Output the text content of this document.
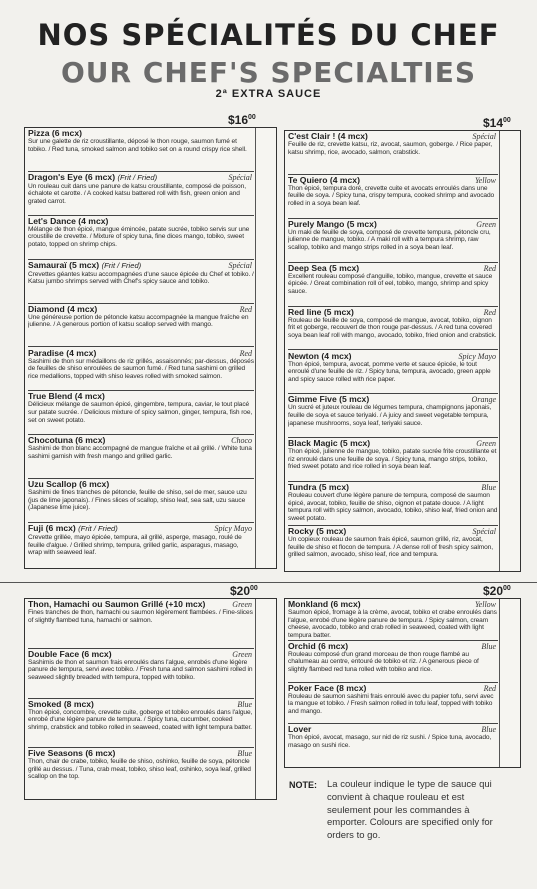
NOS SPÉCIALITÉS DU CHEF
OUR CHEF'S SPECIALTIES
2ª EXTRA SAUCE
$\$16^{00}$	$\$14^{00}$
Pizza (6 mcx)
Sur une galette de riz croustillante, déposé le thon rouge, saumon fumé et tobiko. / Red tuna, smoked salmon and tobiko set on a round crispy rice shell.
Dragon's Eye (6 mcx) (Frit / Fried)	Spécial
Un rouleau cuit dans une panure de katsu croustillante, composé de poisson, échalote et carotte. / A cooked katsu battered roll with fish, green onion and grated carrot.
Let's Dance (4 mcx)
Mélange de thon épicé, mangue émincée, patate sucrée, tobiko servis sur une croustille de crevette. / Mixture of spicy tuna, fine dices mango, tobiko, sweet potato, topped on shrimp chips.
Samauraï (5 mcx) (Frit / Fried)	Spécial
Crevettes géantes katsu accompagnées d'une sauce épicée du Chef et tobiko. / Katsu jumbo shrimps served with Chef's spicy sauce and tobiko.
Diamond (4 mcx)	Red
Une généreuse portion de pétoncle katsu accompagnée la mangue fraîche en julienne. / A generous portion of katsu scallop served with mango.
Paradise (4 mcx)	Red
Sashimi de thon sur médaillons de riz grillés, assaisonnés; par-dessus, déposés de feuilles de shiso enroulées de saumon fumé. / Red tuna sashimi on grilled rice medallions, topped with shiso leaves rolled with smoked salmon.
True Blend (4 mcx)
Délicieux mélange de saumon épicé, gingembre, tempura, caviar, le tout placé sur patate sucrée. / Delicious mixture of spicy salmon, ginger, tempura, fish roe, set on sweet potato.
Chocotuna (6 mcx)	Choco
Sashimi de thon blanc accompagné de mangue fraîche et ail grillé. / White tuna sashimi garnish with fresh mango and grilled garlic.
Uzu Scallop (6 mcx)
Sashimi de fines tranches de pétoncle, feuille de shiso, sel de mer, sauce uzu (jus de lime japonais). / Fines slices of scallop, shiso leaf, sea salt, uzu sauce (Japanese lime juice).
Fuji (6 mcx) (Frit / Fried)	Spicy Mayo
Crevette grillée, mayo épicée, tempura, ail grillé, asperge, masago, roulé de feuille d'algue. / Grilled shrimp, tempura, grilled garlic, asparagus, masago, wrap with seaweed leaf.
C'est Clair ! (4 mcx)	Spécial
Feuille de riz, crevette katsu, riz, avocat, saumon, goberge. / Rice paper, katsu shrimp, rice, avocado, salmon, crabstick.
Te Quiero (4 mcx)	Yellow
Thon épicé, tempura doré, crevette cuite et avocats enroulés dans une feuille de soya. / Spicy tuna, crispy tempura, cooked shrimp and avocado rolled in a soya bean leaf.
Purely Mango (5 mcx)	Green
Un maki de feuille de soya, composé de crevette tempura, pétoncle cru, julienne de mangue, tobiko. / A maki roll with a tempura shrimp, raw scallop, tobiko and mango strips rolled in a soya bean leaf.
Deep Sea (5 mcx)	Red
Excellent rouleau composé d'anguille, tobiko, mangue, crevette et sauce épicée. / Great combination roll of eel, tobiko, mango, shrimp and spicy sauce.
Red line (5 mcx)	Red
Rouleau de feuille de soya, composé de mangue, avocat, tobiko, oignon frit et goberge, recouvert de thon rouge par-dessus. / A red tuna covered soya bean leaf roll with mango, avocado, tobiko, fried onion and crabstick.
Newton (4 mcx)	Spicy Mayo
Thon épicé, tempura, avocat, pomme verte et sauce épicée, le tout enroulé d'une feuille de riz. / Spicy tuna, tempura, avocado, green apple and spicy sauce rolled with rice paper.
Gimme Five (5 mcx)	Orange
Un sucré et juteux rouleau de légumes tempura, champignons japonais, feuille de soya et sauce teriyaki. / A juicy and sweet vegetable tempura, japanese mushrooms, soya leaf, teriyaki sauce.
Black Magic (5 mcx)	Green
Thon épicé, julienne de mangue, tobiko, patate sucrée frite croustillante et riz enroulé dans une feuille de soya. / Spicy tuna, mango strips, tobiko, fried sweet potato and rice rolled in soya bean leaf.
Tundra (5 mcx)	Blue
Rouleau couvert d'une légère panure de tempura, composé de saumon épicé, avocat, tobiko, feuille de shiso, oignon et patate douce. / A light tempura roll with spicy salmon, avocado, tobiko, shiso leaf, fried onion and sweet potato.
Rocky (5 mcx)	Spécial
Un copieux rouleau de saumon frais épicé, saumon grillé, riz, avocat, feuille de shiso et flocon de tempura. / A dense roll of fresh spicy salmon, grilled salmon, avocado, shiso leaf, rice and tempura.
$\$20^{00}$	$\$20^{00}$
Thon, Hamachi ou Saumon Grillé (+10 mcx)	Green
Fines tranches de thon, hamachi ou saumon légèrement flambées. / Fine-slices of slightly flambed tuna, hamachi or salmon.
Double Face (6 mcx)	Green
Sashimis de thon et saumon frais enroulés dans l'algue, enrobés d'une légère panure de tempura, servi avec tobiko. / Fresh tuna and salmon sashimi rolled in seaweed slightly breaded with tempura, topped with tobiko.
Smoked (8 mcx)	Blue
Thon épicé, concombre, crevette cuite, goberge et tobiko enroulés dans l'algue, enrobé d'une légère panure de tempura. / Spicy tuna, cucumber, cooked shrimp, crabstick and tobiko rolled in seaweed, coated with light tempura batter.
Five Seasons (6 mcx)	Blue
Thon, chair de crabe, tobiko, feuille de shiso, oshinko, feuille de soya, pétoncle grillé au dessus. / Tuna, crab meat, tobiko, shiso leaf, oshinko, soya leaf, grilled scallop on the top.
Monkland (6 mcx)	Yellow
Saumon épicé, fromage à la crème, avocat, tobiko et crabe enroulés dans l'algue, enrobé d'une légère panure de tempura. / Spicy salmon, cream cheese, avocado, tobiko and crab rolled in seaweed, coated with light tempura batter.
Orchid (6 mcx)	Blue
Rouleau composé d'un grand morceau de thon rouge flambé au chalumeau au centre, entouré de tobiko et riz. / A generous piece of slightly flambed red tuna rolled with tobiko and rice.
Poker Face (8 mcx)	Red
Rouleau de saumon sashimi frais enroulé avec du papier tofu, servi avec la mangue et tobiko. / Fresh salmon rolled in tofu leaf, topped with tobiko and mango.
Lover	Blue
Thon épicé, avocat, masago, sur nid de riz sushi. / Spice tuna, avocado, masago on sushi rice.
NOTE: La couleur indique le type de sauce qui convient à chaque rouleau et est seulement pour les commandes à emporter. Colours are specified only for orders to go.
